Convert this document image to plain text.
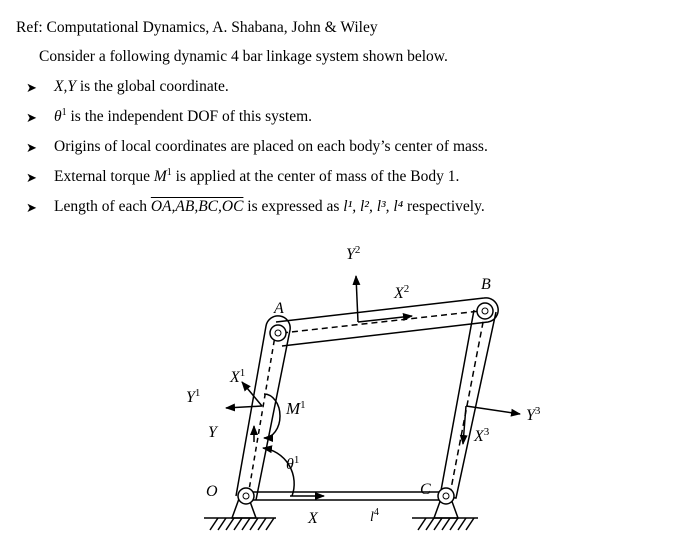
Ref: Computational Dynamics, A. Shabana, John & Wiley
Consider a following dynamic 4 bar linkage system shown below.
➤	X,Y is the global coordinate.
➤	$\theta^1$ is the independent DOF of this system.
➤	Origins of local coordinates are placed on each body’s center of mass.
➤	External torque $M^1$ is applied at the center of mass of the Body 1.
➤	Length of each OA,AB,BC,OC is expressed as l¹, l², l³, l⁴ respectively.
$Y^2$
$X^2$	B
A
$X^1$
$Y^1$
$M^1$
Y
$\theta^1$
O
X	$l^4$
C
$X^3$
$Y^3$
